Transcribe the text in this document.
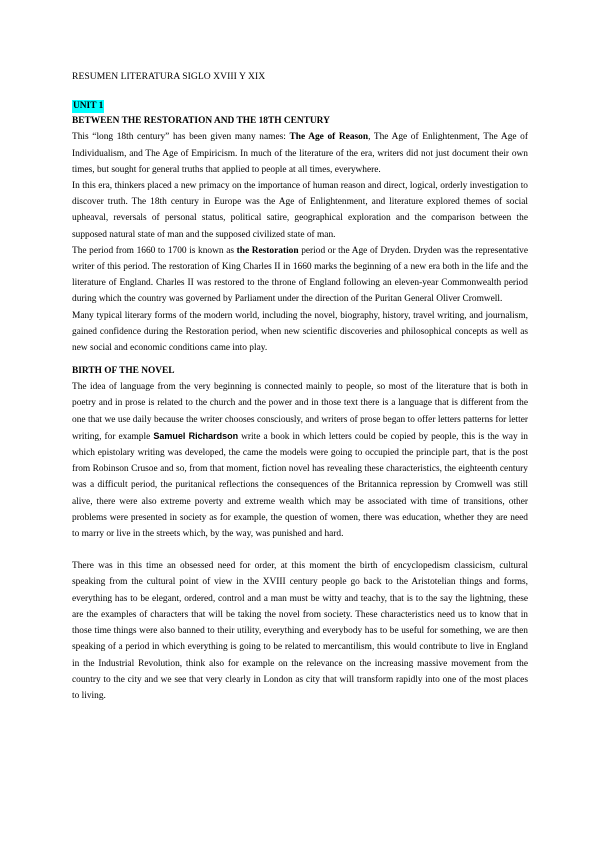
RESUMEN LITERATURA SIGLO XVIII Y XIX
UNIT 1
BETWEEN THE RESTORATION AND THE 18TH CENTURY

This “long 18th century” has been given many names: The Age of Reason, The Age of Enlightenment, The Age of Individualism, and The Age of Empiricism. In much of the literature of the era, writers did not just document their own times, but sought for general truths that applied to people at all times, everywhere.

In this era, thinkers placed a new primacy on the importance of human reason and direct, logical, orderly investigation to discover truth. The 18th century in Europe was the Age of Enlightenment, and literature explored themes of social upheaval, reversals of personal status, political satire, geographical exploration and the comparison between the supposed natural state of man and the supposed civilized state of man.

The period from 1660 to 1700 is known as the Restoration period or the Age of Dryden. Dryden was the representative writer of this period. The restoration of King Charles II in 1660 marks the beginning of a new era both in the life and the literature of England. Charles II was restored to the throne of England following an eleven-year Commonwealth period during which the country was governed by Parliament under the direction of the Puritan General Oliver Cromwell.

Many typical literary forms of the modern world, including the novel, biography, history, travel writing, and journalism, gained confidence during the Restoration period, when new scientific discoveries and philosophical concepts as well as new social and economic conditions came into play.

BIRTH OF THE NOVEL

The idea of language from the very beginning is connected mainly to people, so most of the literature that is both in poetry and in prose is related to the church and the power and in those text there is a language that is different from the one that we use daily because the writer chooses consciously, and writers of prose began to offer letters patterns for letter writing, for example Samuel Richardson write a book in which letters could be copied by people, this is the way in which epistolary writing was developed, the came the models were going to occupied the principle part, that is the post from Robinson Crusoe and so, from that moment, fiction novel has revealing these characteristics, the eighteenth century was a difficult period, the puritanical reflections the consequences of the Britannica repression by Cromwell was still alive, there were also extreme poverty and extreme wealth which may be associated with time of transitions, other problems were presented in society as for example, the question of women, there was education, whether they are need to marry or live in the streets which, by the way, was punished and hard.

There was in this time an obsessed need for order, at this moment the birth of encyclopedism classicism, cultural speaking from the cultural point of view in the XVIII century people go back to the Aristotelian things and forms, everything has to be elegant, ordered, control and a man must be witty and teachy, that is to the say the lightning, these are the examples of characters that will be taking the novel from society. These characteristics need us to know that in those time things were also banned to their utility, everything and everybody has to be useful for something, we are then speaking of a period in which everything is going to be related to mercantilism, this would contribute to live in England in the Industrial Revolution, think also for example on the relevance on the increasing massive movement from the country to the city and we see that very clearly in London as city that will transform rapidly into one of the most places to living.
